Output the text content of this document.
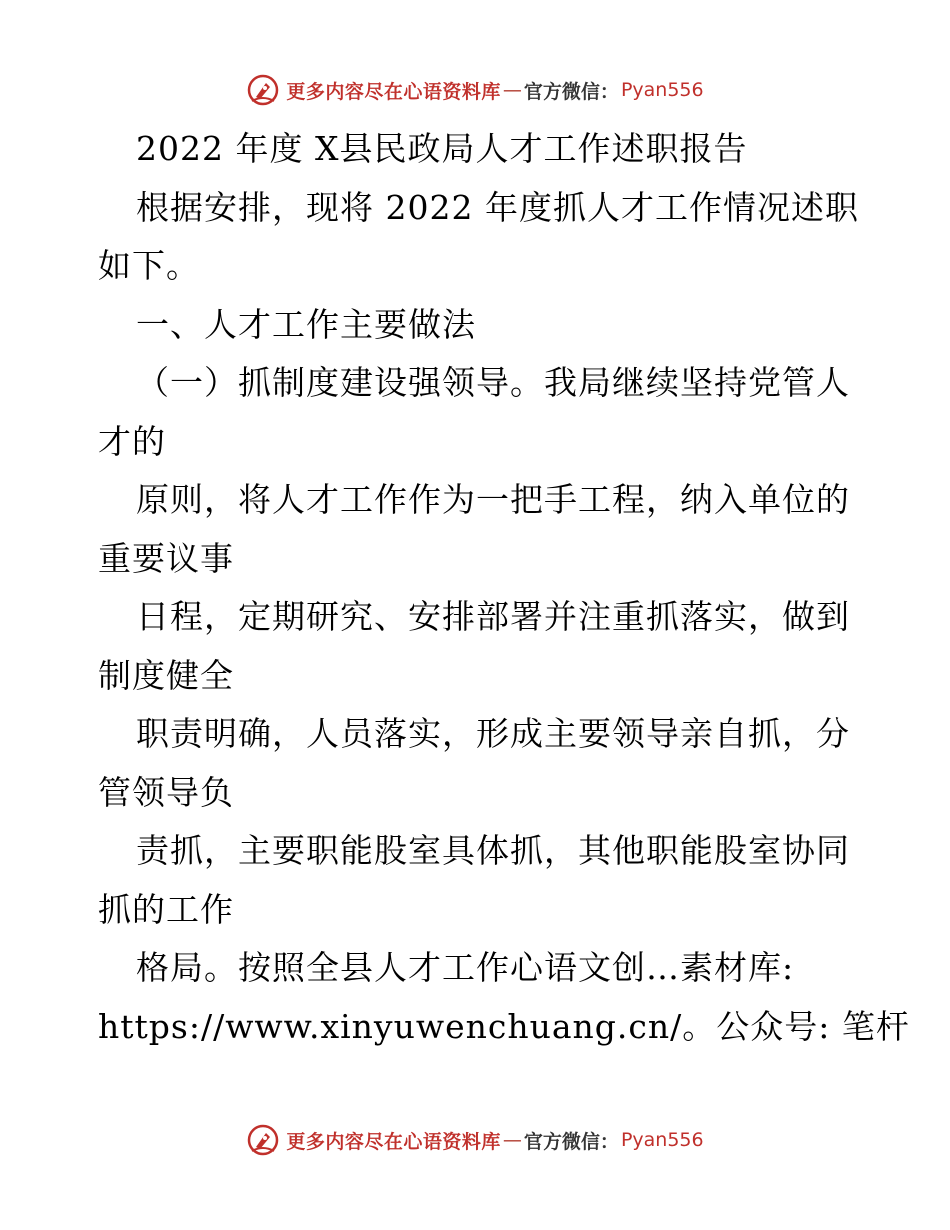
更多内容尽在心语资料库 — 官方微信： Pyan556
2022 年度 X县民政局人才工作述职报告
根据安排，现将 2022 年度抓人才工作情况述职
如下。
一、人才工作主要做法
（一）抓制度建设强领导。我局继续坚持党管人
才的
原则，将人才工作作为一把手工程，纳入单位的
重要议事
日程，定期研究、安排部署并注重抓落实，做到
制度健全
职责明确，人员落实，形成主要领导亲自抓，分
管领导负
责抓，主要职能股室具体抓，其他职能股室协同
抓的工作
格局。按照全县人才工作心语文创…素材库:
https://www.xinyuwenchuang.cn/。公众号: 笔杆
更多内容尽在心语资料库 — 官方微信： Pyan556
